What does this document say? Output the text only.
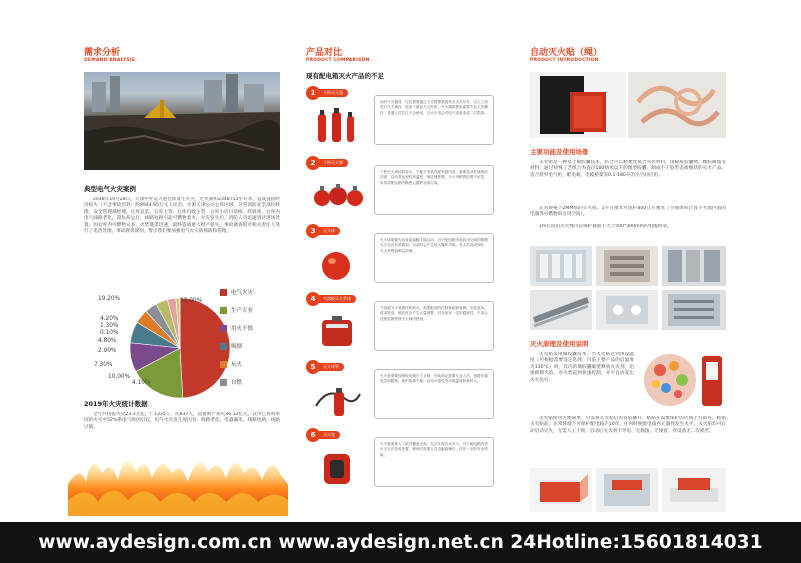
需求分析
DEMAND ANALYSIS
典型电气火灾案例
2018年10月28日，天津中外运大港仓库发生火灾，过火面积2348753平方米，造成直接经济损失（不含事故罚款）约9944.95万元人民币。火源天津公司仓库区域，分管消防安全部位经理，安全管理部经理，仓库总监、仓库主管、仓库行政主管，仓库小店目前统。经调查，仓库内电气线路老化，超负荷运行，线路短路引起可燃物着火，火灾发生后，消防人员迅速到达现场处置，因仓库内可燃物众多，火势蔓延迅速，最终造成重大财产损失，事故调查组对相关责任人进行了追责处理，事故教训深刻，警示我们要加强电气火灾的预防和管理。
19.20%
4.20%
1.30%
0.10%
4.80%
2.90%
7.30%
10.00%
4.10%
52.00%
电气火灾
生产专业
用火不慎
吸烟
玩火
自燃
2019年火灾统计数据
全年共接报火灾23.3万起，亡1335人，伤837人，直接财产损失36.12亿元。其中已查明原因的火灾中52%系电气原因引起，电气火灾发生原因有：线路老化、电器漏电、线路短路，线路过载。
产品对比
PRODUCT COMPARISON
现有配电箱灭火产品的不足
干粉灭火器
1
现有灭火器材，往往需要通过火灾报警系统发出火灾信号，由人工再进行灭火操作，延误了最佳灭火时机。灭火器的使用需要专业人员操作，普通人员往往不会使用，且灭火剂会对电气设备造成二次损害。
干粉灭火弹
2
干粉灭火弹体积较大，不便于安装在配电箱内部，需要挂设在墙壁或顶部，启动需达到较高温度，响应速度慢，灭火剂喷洒范围不可控，容易对配电箱内精密元器件造成污染。
灭火球
3
灭火球需要火焰直接接触才能启动，对于配电箱内部封闭空间的阴燃火灾无法有效感知，启动时会产生较大爆炸声响，对人员造成惊吓，灭火剂残留难以清理。
气溶胶灭火系统
4
气溶胶灭火装置体积较大，需要配套的控制系统和管网，安装复杂，成本较高，喷放时会产生大量烟雾，对设备有一定的腐蚀性，不适合在配电箱等狭小空间内使用。
灭火球管
5
灭火管需要按照配电箱尺寸定制，安装固定需要专业人员，管路布置受空间限制，维护检修不便，启动可靠性受环境温度影响较大。
灭火毯
6
灭火毯需要人工展开覆盖火源，无法实现自动灭火，对于配电箱内部火灾无法及时处置，使用时需要人员近距离操作，存在一定的安全风险。
自动灭火贴（绳）
PRODUCT INTRODUCTION
主要功能及使用场景
灭火贴是一种基于微胶囊技术，结合可自粘柔性复合灭火材料，由稳质胶囊物、橡胶树脂等材料，通过特殊工艺组合为直径100纳米以下的微型胶囊，制成不干胶形态或绳状的灭火产品。适合狭窄电气柜，配电箱，电缆桥架等0.1-180升的小空间应用。
正常规格下2MM厚的灭火贴，1平方厘米可保护800立方厘米（空间体积计算不考虑内置的电器等可燃物的占用空间）。
1m长度的灭火绳可以保护截面不大于500*300mm的电缆桥架。
灭火原理及使用说明
灭火贴采用微胶囊技术，当灭火贴达到预设温度（可根据需要设定选择，目前主要产品的启温度为130°C）时，其内的微胶囊破壁释放灭火剂，迅速抑制火焰，对火势起到快速控制，并可自动发出灭火信号。
灭火贴使用方便简单，只需将灭火贴后的背胶撕开，粘贴在需要保护的区域上方即可。粘贴灭火贴前，正常环境下可保护配电箱7-10年。任何时候配电箱内元器件发生火灾，灭火贴均可自动启动灭火，无需人工干预，启动后灭火剂不导电、无腐蚀、无残留，对设备无二次损害。
www.aydesign.com.cn www.aydesign.net.cn 24Hotline:15601814031
